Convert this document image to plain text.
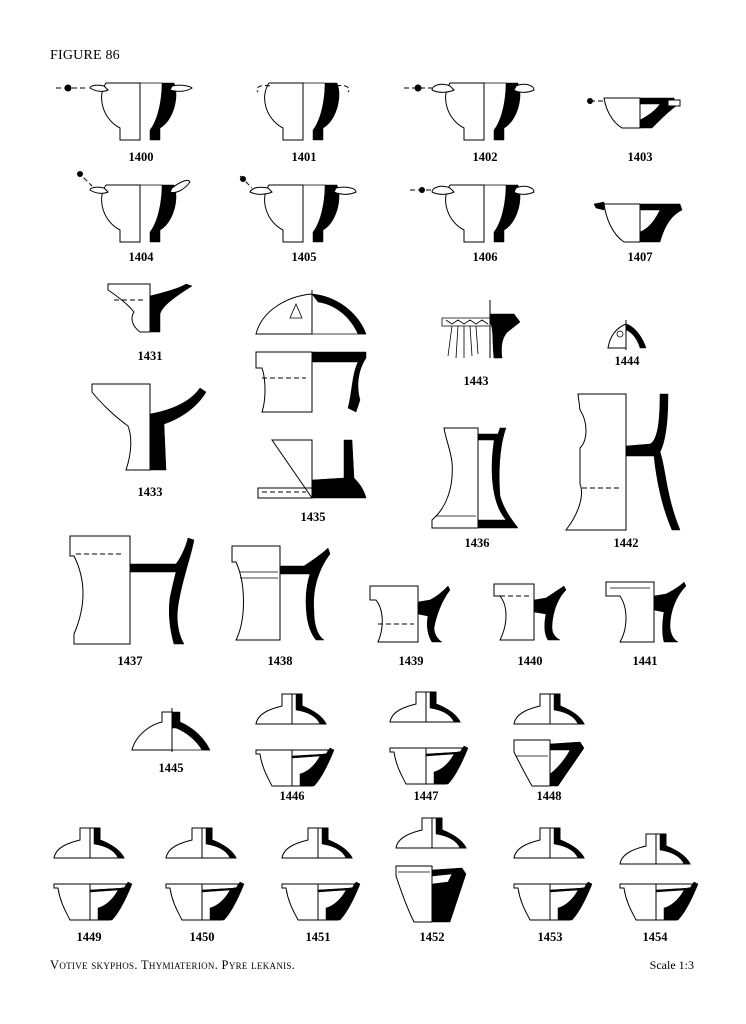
FIGURE 86
1400	1401	1402	1403
1404	1405	1406	1407
1431	1444
1443
1433
1435
1436	1442
1437	1438	1439	1440	1441
1445
1446	1447	1448
1449	1450	1451	1452	1453	1454
Votive skyphos. Thymiaterion. Pyre lekanis.	Scale 1:3
